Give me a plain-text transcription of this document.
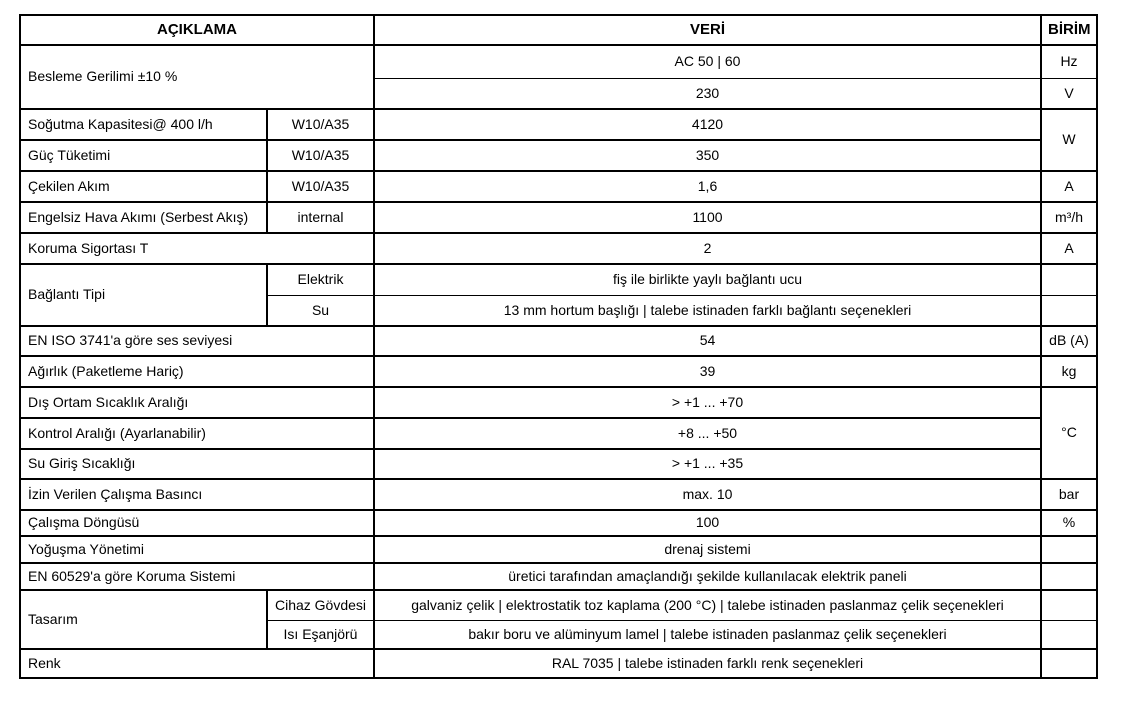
AÇIKLAMA		VERİ	BİRİM
Besleme Gerilimi ±10 %		AC 50 | 60	Hz
		230	V
Soğutma Kapasitesi@ 400 l/h	W10/A35	4120	W
Güç Tüketimi	W10/A35	350	
Çekilen Akım	W10/A35	1,6	A
Engelsiz Hava Akımı (Serbest Akış)	internal	1100	m³/h
Koruma Sigortası T		2	A
Bağlantı Tipi	Elektrik	fiş ile birlikte yaylı bağlantı ucu	
	Su	13 mm hortum başlığı | talebe istinaden farklı bağlantı seçenekleri	
EN ISO 3741'a göre ses seviyesi		54	dB (A)
Ağırlık (Paketleme Hariç)		39	kg
Dış Ortam Sıcaklık Aralığı		> +1 ... +70	°C
Kontrol Aralığı (Ayarlanabilir)		+8 ... +50	
Su Giriş Sıcaklığı		> +1 ... +35	
İzin Verilen Çalışma Basıncı		max. 10	bar
Çalışma Döngüsü		100	%
Yoğuşma Yönetimi		drenaj sistemi	
EN 60529'a göre Koruma Sistemi		üretici tarafından amaçlandığı şekilde kullanılacak elektrik paneli	
Tasarım	Cihaz Gövdesi	galvaniz çelik | elektrostatik toz kaplama (200 °C) | talebe istinaden paslanmaz çelik seçenekleri	
	Isı Eşanjörü	bakır boru ve alüminyum lamel | talebe istinaden paslanmaz çelik seçenekleri	
Renk		RAL 7035 | talebe istinaden farklı renk seçenekleri	
